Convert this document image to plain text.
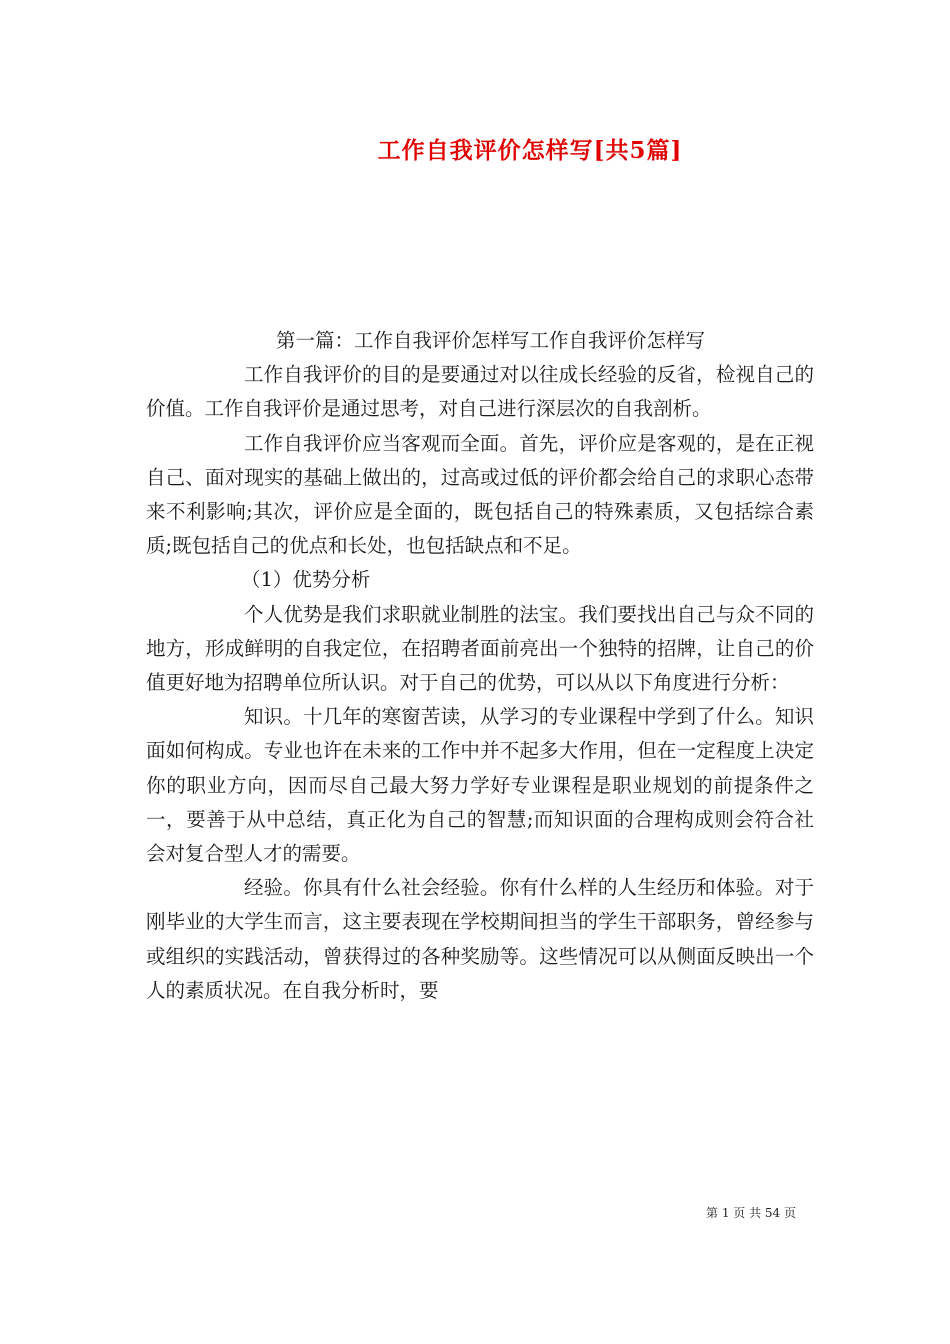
工作自我评价怎样写[共5篇]

第一篇：工作自我评价怎样写工作自我评价怎样写

工作自我评价的目的是要通过对以往成长经验的反省，检视自己的价值。工作自我评价是通过思考，对自己进行深层次的自我剖析。

工作自我评价应当客观而全面。首先，评价应是客观的，是在正视自己、面对现实的基础上做出的，过高或过低的评价都会给自己的求职心态带来不利影响;其次，评价应是全面的，既包括自己的特殊素质，又包括综合素质;既包括自己的优点和长处，也包括缺点和不足。

（1）优势分析

个人优势是我们求职就业制胜的法宝。我们要找出自己与众不同的地方，形成鲜明的自我定位，在招聘者面前亮出一个独特的招牌，让自己的价值更好地为招聘单位所认识。对于自己的优势，可以从以下角度进行分析：

知识。十几年的寒窗苦读，从学习的专业课程中学到了什么。知识面如何构成。专业也许在未来的工作中并不起多大作用，但在一定程度上决定你的职业方向，因而尽自己最大努力学好专业课程是职业规划的前提条件之一，要善于从中总结，真正化为自己的智慧;而知识面的合理构成则会符合社会对复合型人才的需要。

经验。你具有什么社会经验。你有什么样的人生经历和体验。对于刚毕业的大学生而言，这主要表现在学校期间担当的学生干部职务，曾经参与或组织的实践活动，曾获得过的各种奖励等。这些情况可以从侧面反映出一个人的素质状况。在自我分析时，要

第 1 页 共 54 页
